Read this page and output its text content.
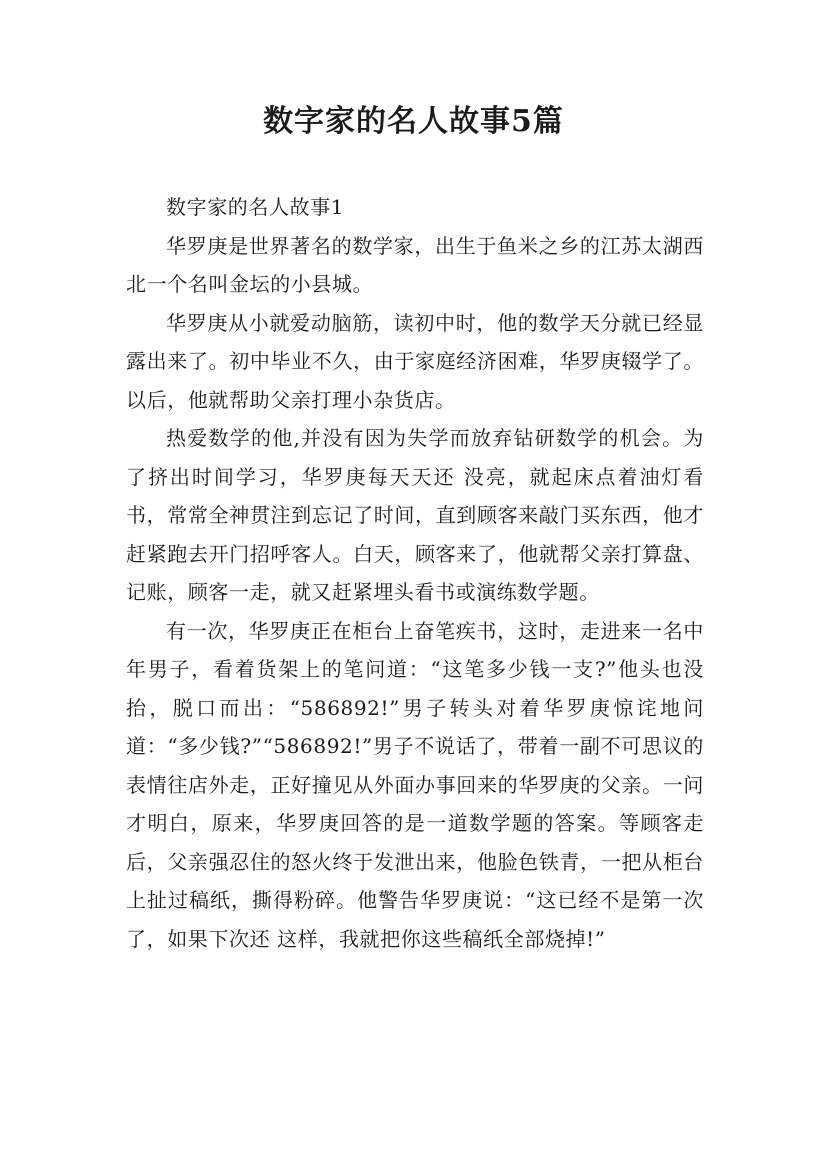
数字家的名人故事5篇

数字家的名人故事1

华罗庚是世界著名的数学家，出生于鱼米之乡的江苏太湖西北一个名叫金坛的小县城。

华罗庚从小就爱动脑筋，读初中时，他的数学天分就已经显露出来了。初中毕业不久，由于家庭经济困难，华罗庚辍学了。以后，他就帮助父亲打理小杂货店。

热爱数学的他,并没有因为失学而放弃钻研数学的机会。为了挤出时间学习，华罗庚每天天还 没亮，就起床点着油灯看书，常常全神贯注到忘记了时间，直到顾客来敲门买东西，他才赶紧跑去开门招呼客人。白天，顾客来了，他就帮父亲打算盘、记账，顾客一走，就又赶紧埋头看书或演练数学题。

有一次，华罗庚正在柜台上奋笔疾书，这时，走进来一名中年男子，看着货架上的笔问道：“这笔多少钱一支?”他头也没抬，脱口而出：“586892!”男子转头对着华罗庚惊诧地问道：“多少钱?”“586892!”男子不说话了，带着一副不可思议的表情往店外走，正好撞见从外面办事回来的华罗庚的父亲。一问才明白，原来，华罗庚回答的是一道数学题的答案。等顾客走后，父亲强忍住的怒火终于发泄出来，他脸色铁青，一把从柜台上扯过稿纸，撕得粉碎。他警告华罗庚说：“这已经不是第一次了，如果下次还 这样，我就把你这些稿纸全部烧掉!”
